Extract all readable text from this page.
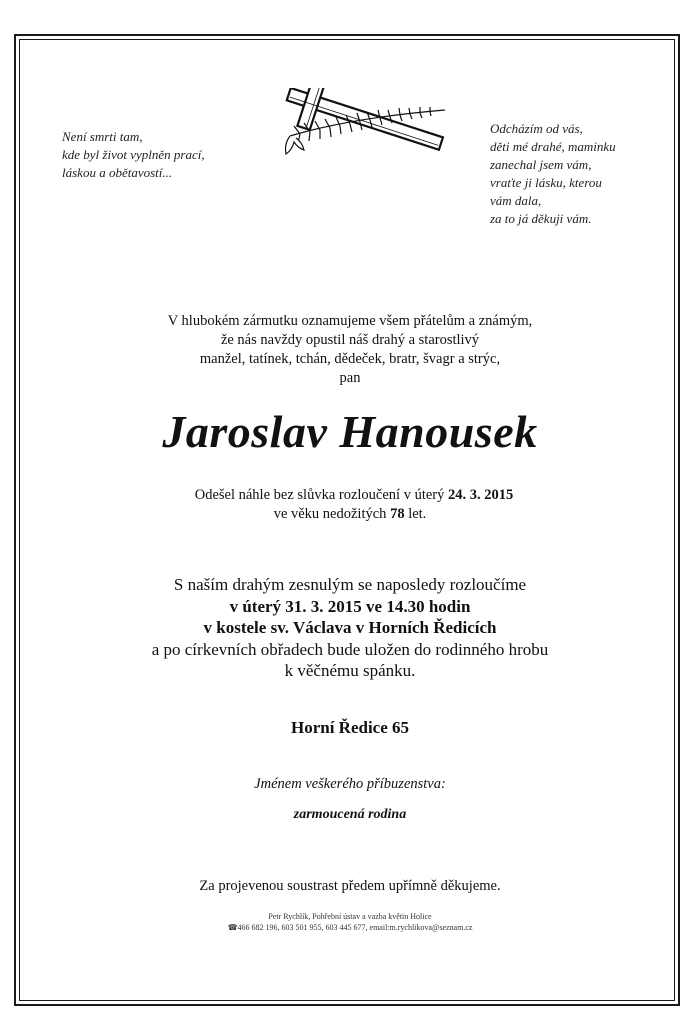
Není smrti tam,
kde byl život vyplněn prací,
láskou a obětavostí...
Odcházím od vás,
děti mé drahé, maminku
zanechal jsem vám,
vraťte ji lásku, kterou
vám dala,
za to já děkuji vám.
V hlubokém zármutku oznamujeme všem přátelům a známým,
že nás navždy opustil náš drahý a starostlivý
manžel, tatínek, tchán, dědeček, bratr, švagr a strýc,
pan
Jaroslav Hanousek
Odešel náhle bez slůvka rozloučení v úterý 24. 3. 2015
ve věku nedožitých 78 let.
S naším drahým zesnulým se naposledy rozloučíme
v úterý 31. 3. 2015 ve 14.30 hodin
v kostele sv. Václava v Horních Ředicích
a po církevních obřadech bude uložen do rodinného hrobu
k věčnému spánku.
Horní Ředice 65
Jménem veškerého příbuzenstva:
zarmoucená rodina
Za projevenou soustrast předem upřímně děkujeme.
Petr Rychlík, Pohřební ústav a vazba květin Holice
☎466 682 196, 603 501 955, 603 445 677, email:m.rychlikova@seznam.cz
